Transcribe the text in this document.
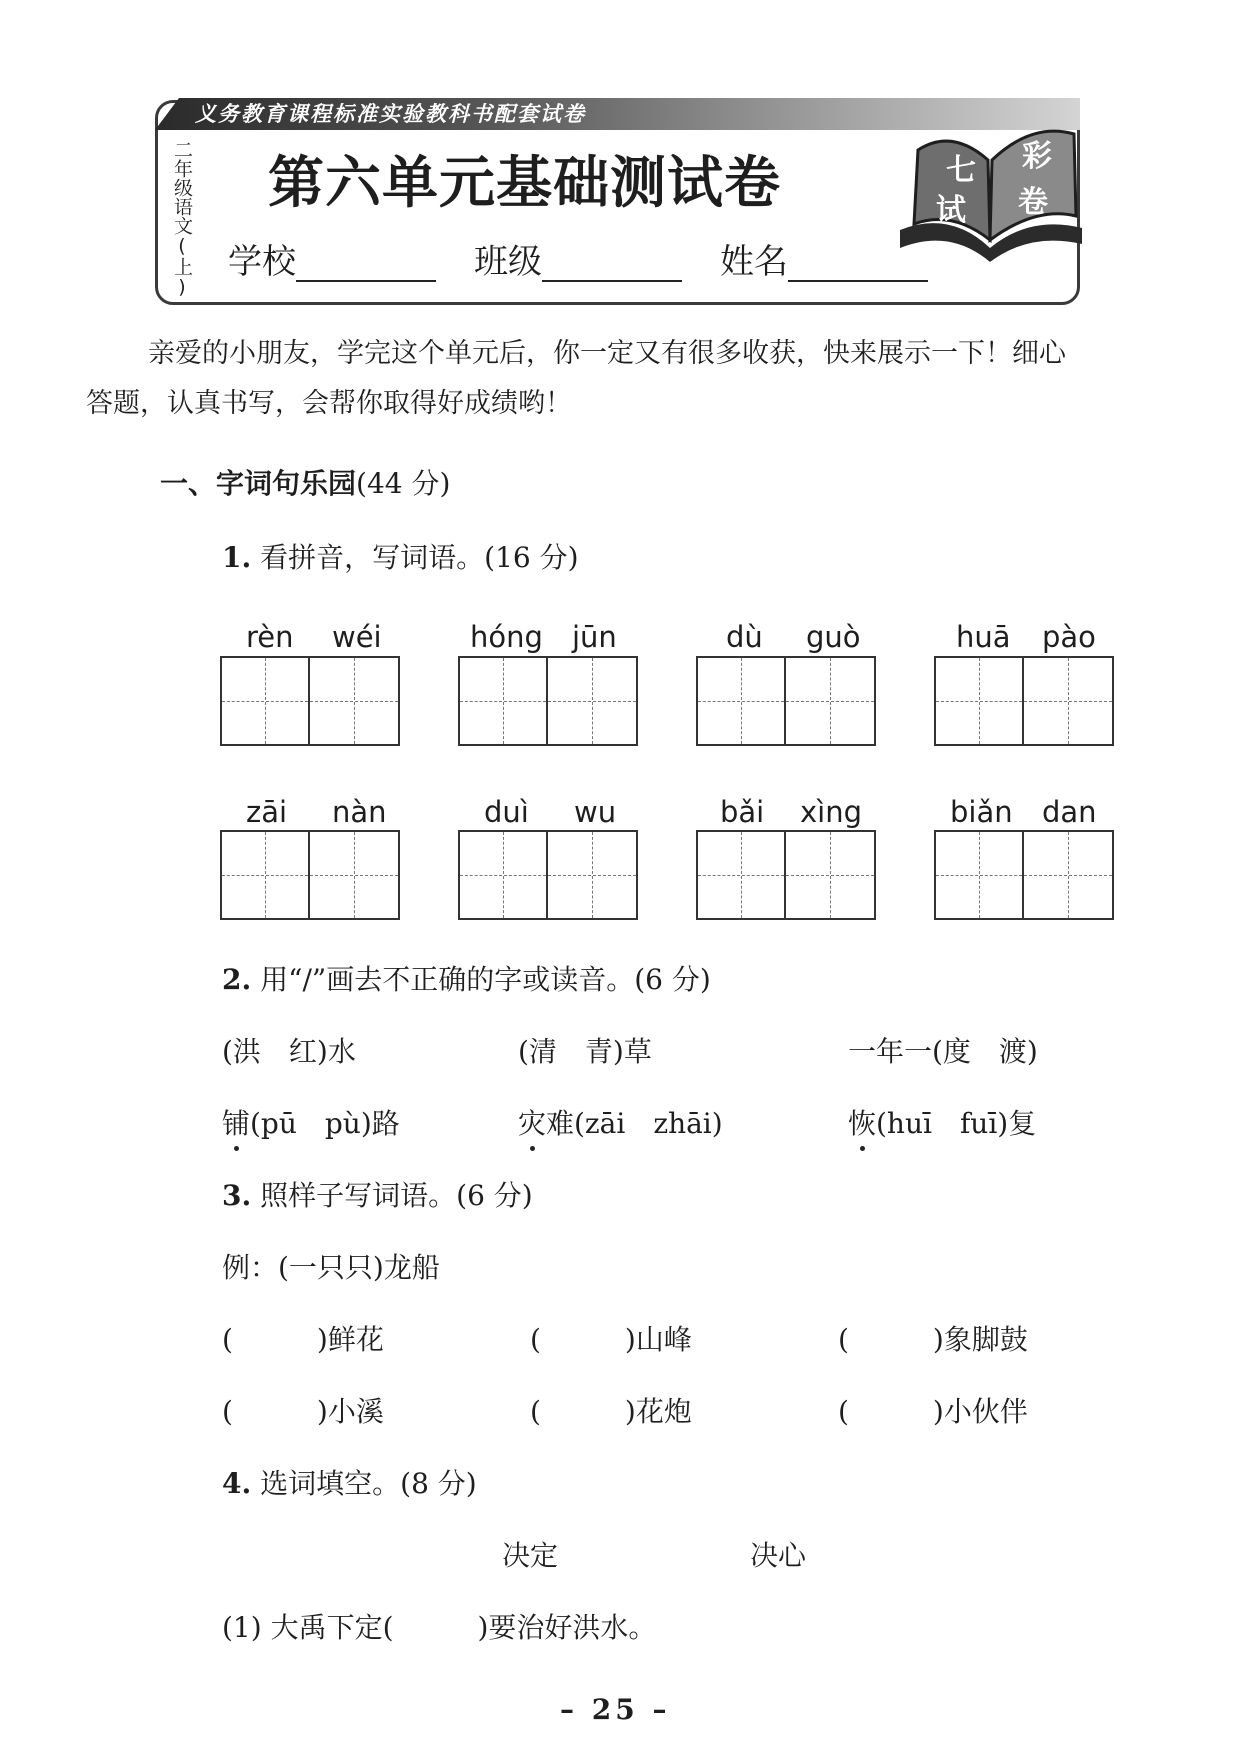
义务教育课程标准实验教科书配套试卷
二年级语文(上) 第六单元基础测试卷
学校	班级	姓名
七 彩
试 卷
亲爱的小朋友，学完这个单元后，你一定又有很多收获，快来展示一下！细心
答题，认真书写，会帮你取得好成绩哟！
一、字词句乐园(44 分)
1. 看拼音，写词语。(16 分)
rèn wéi	hóng jūn	dù guò	huā pào
zāi nàn	duì wu	bǎi xìng	biǎn dan
2. 用“/”画去不正确的字或读音。(6 分)
(洪　红)水	(清　青)草	一年一(度　渡)
铺(pū　pù)路	灾难(zāi　zhāi)	恢(huī　fuī)复
3. 照样子写词语。(6 分)
例：(一只只)龙船
(　　　)鲜花	(　　　)山峰	(　　　)象脚鼓
(　　　)小溪	(　　　)花炮	(　　　)小伙伴
4. 选词填空。(8 分)
决定	决心
(1) 大禹下定(　　　)要治好洪水。
– 25 –
